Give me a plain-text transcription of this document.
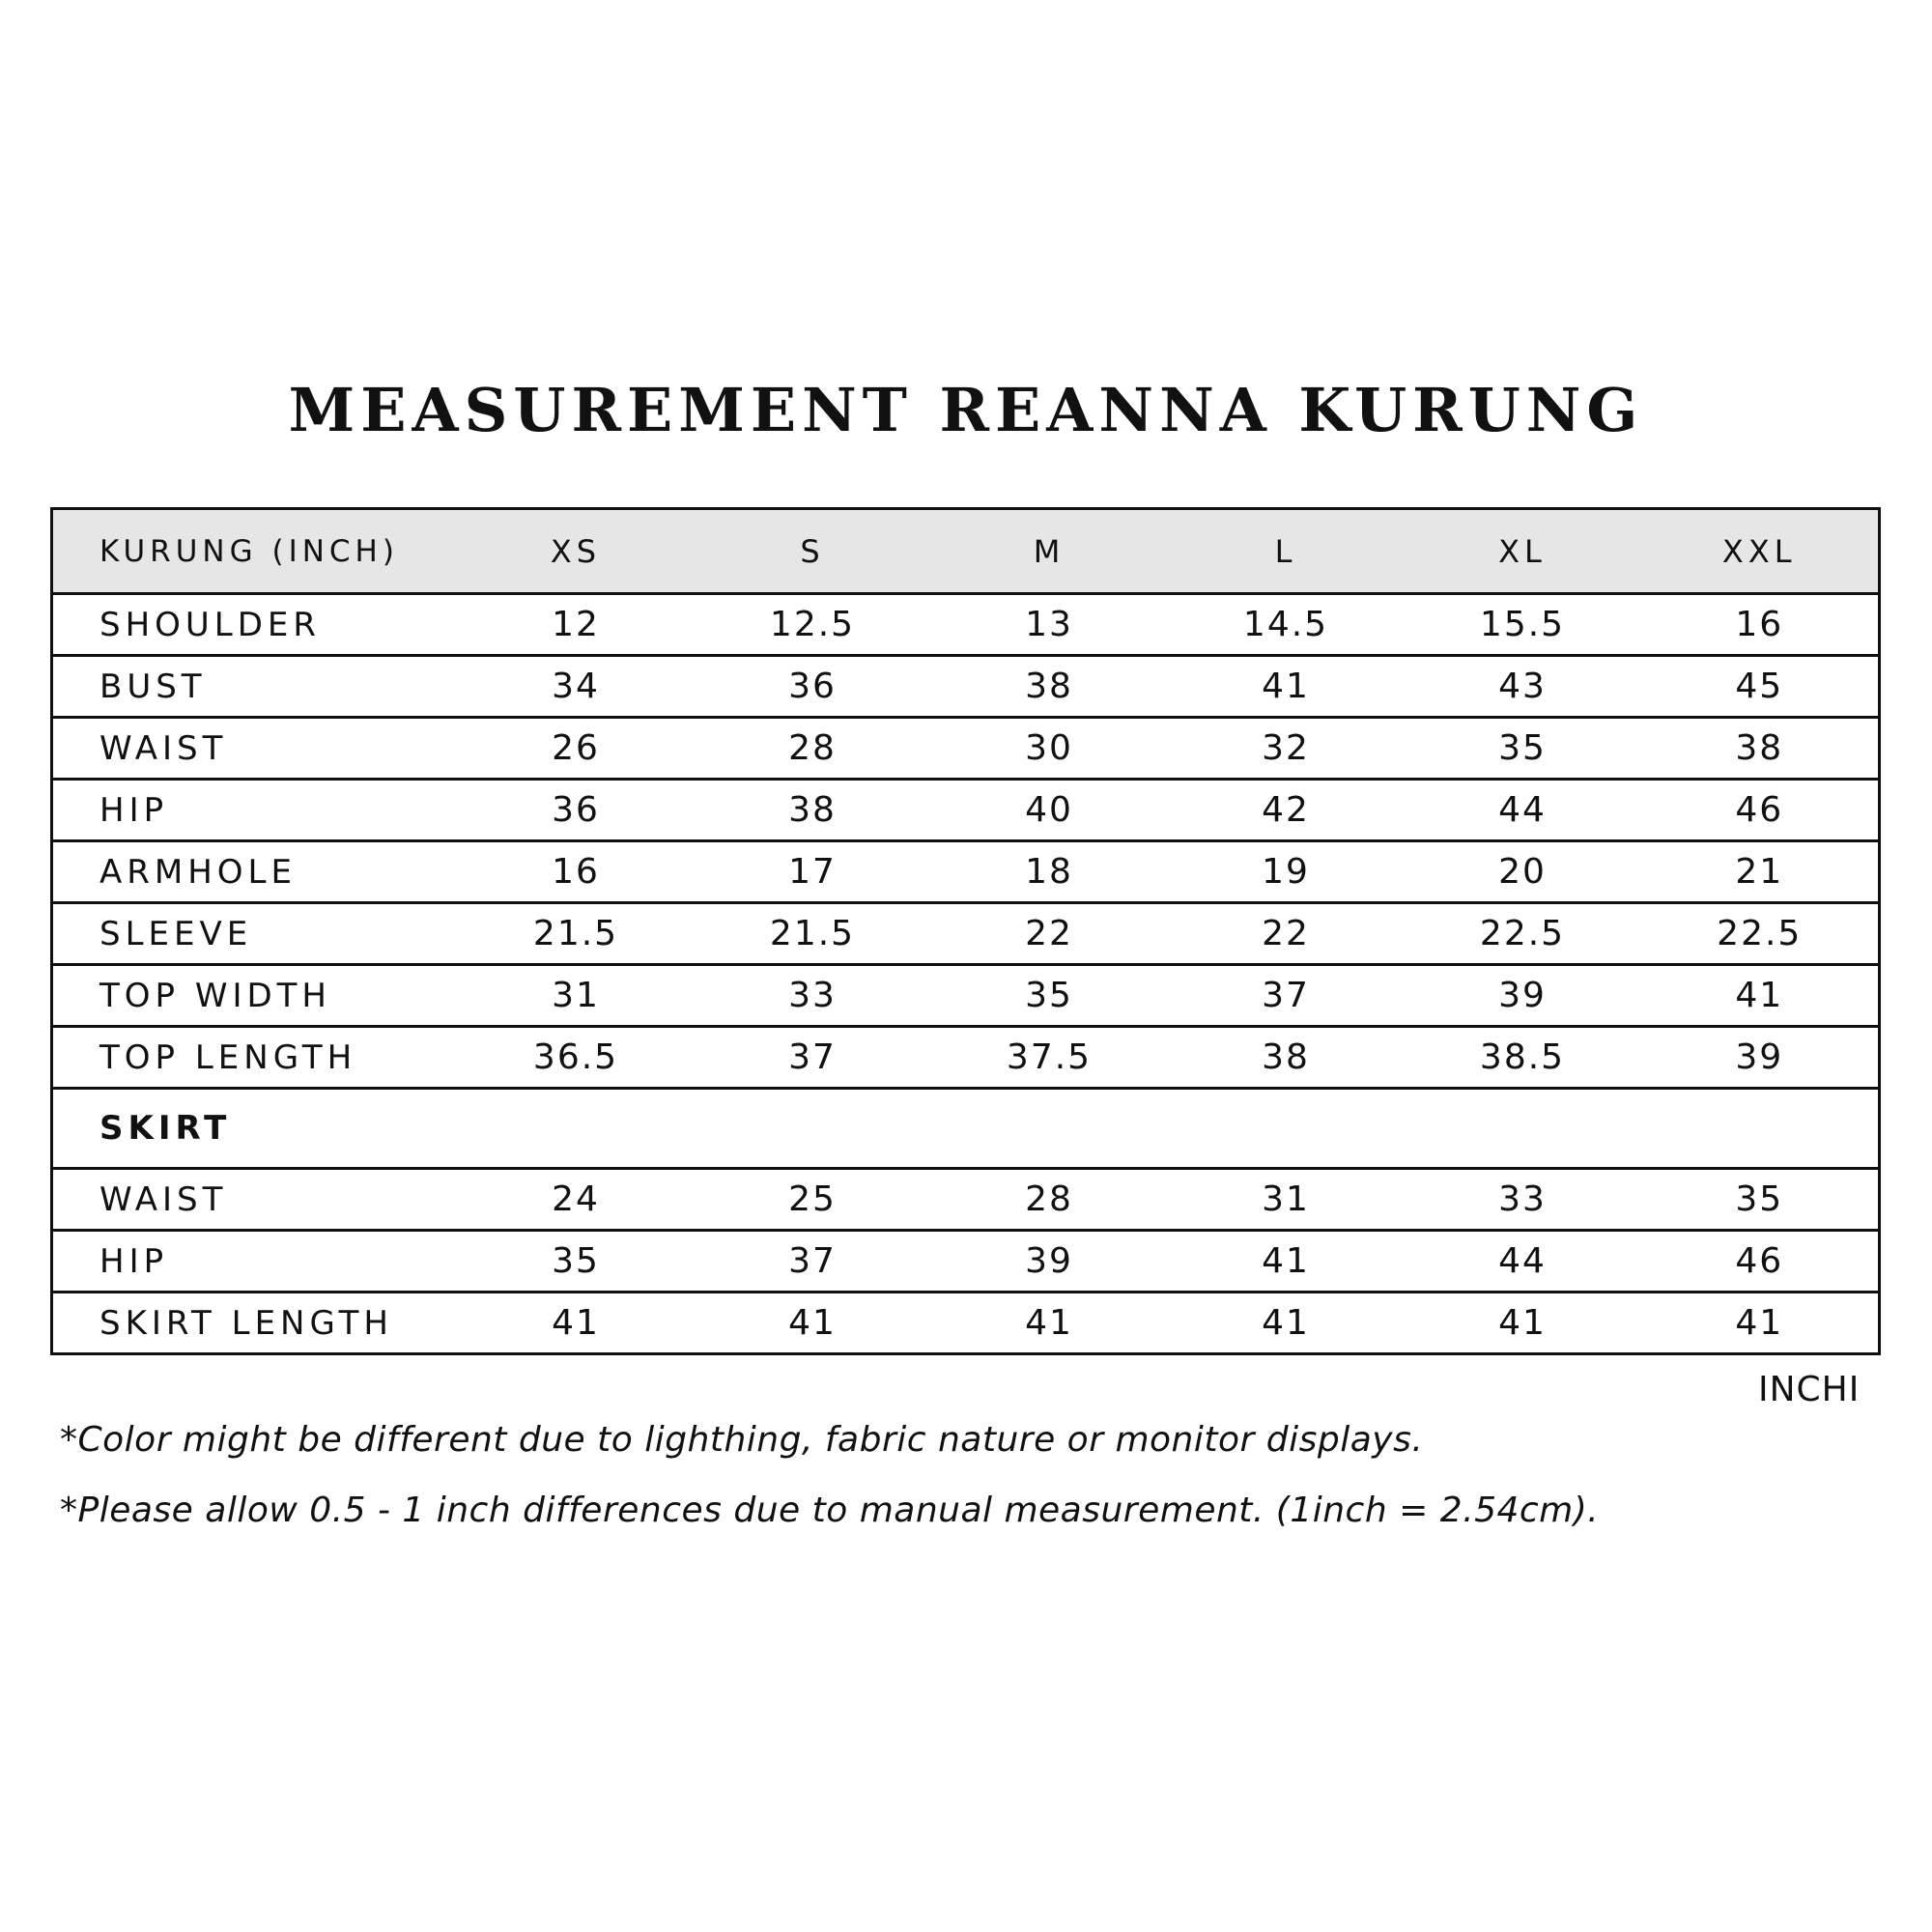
MEASUREMENT REANNA KURUNG
KURUNG (INCH)	XS	S	M	L	XL	XXL
SHOULDER	12	12.5	13	14.5	15.5	16
BUST	34	36	38	41	43	45
WAIST	26	28	30	32	35	38
HIP	36	38	40	42	44	46
ARMHOLE	16	17	18	19	20	21
SLEEVE	21.5	21.5	22	22	22.5	22.5
TOP WIDTH	31	33	35	37	39	41
TOP LENGTH	36.5	37	37.5	38	38.5	39
SKIRT						
WAIST	24	25	28	31	33	35
HIP	35	37	39	41	44	46
SKIRT LENGTH	41	41	41	41	41	41
INCHI

*Color might be different due to lighthing, fabric nature or monitor displays.

*Please allow 0.5 - 1 inch differences due to manual measurement. (1inch = 2.54cm).
